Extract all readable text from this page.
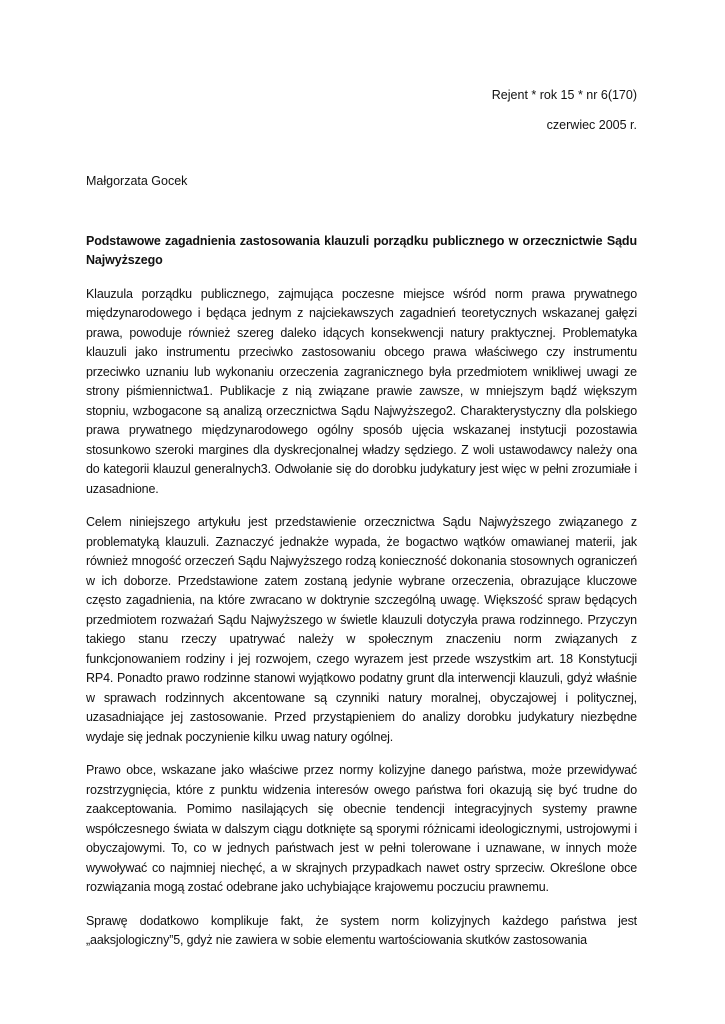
Rejent * rok 15 * nr 6(170)
czerwiec 2005 r.
Małgorzata Gocek
Podstawowe zagadnienia zastosowania klauzuli porządku publicznego w orzecznictwie Sądu Najwyższego

Klauzula porządku publicznego, zajmująca poczesne miejsce wśród norm prawa prywatnego międzynarodowego i będąca jednym z najciekawszych zagadnień teoretycznych wskazanej gałęzi prawa, powoduje również szereg daleko idących konsekwencji natury praktycznej. Problematyka klauzuli jako instrumentu przeciwko zastosowaniu obcego prawa właściwego czy instrumentu przeciwko uznaniu lub wykonaniu orzeczenia zagranicznego była przedmiotem wnikliwej uwagi ze strony piśmiennictwa1. Publikacje z nią związane prawie zawsze, w mniejszym bądź większym stopniu, wzbogacone są analizą orzecznictwa Sądu Najwyższego2. Charakterystyczny dla polskiego prawa prywatnego międzynarodowego ogólny sposób ujęcia wskazanej instytucji pozostawia stosunkowo szeroki margines dla dyskrecjonalnej władzy sędziego. Z woli ustawodawcy należy ona do kategorii klauzul generalnych3. Odwołanie się do dorobku judykatury jest więc w pełni zrozumiałe i uzasadnione.

Celem niniejszego artykułu jest przedstawienie orzecznictwa Sądu Najwyższego związanego z problematyką klauzuli. Zaznaczyć jednakże wypada, że bogactwo wątków omawianej materii, jak również mnogość orzeczeń Sądu Najwyższego rodzą konieczność dokonania stosownych ograniczeń w ich doborze. Przedstawione zatem zostaną jedynie wybrane orzeczenia, obrazujące kluczowe często zagadnienia, na które zwracano w doktrynie szczególną uwagę. Większość spraw będących przedmiotem rozważań Sądu Najwyższego w świetle klauzuli dotyczyła prawa rodzinnego. Przyczyn takiego stanu rzeczy upatrywać należy w społecznym znaczeniu norm związanych z funkcjonowaniem rodziny i jej rozwojem, czego wyrazem jest przede wszystkim art. 18 Konstytucji RP4. Ponadto prawo rodzinne stanowi wyjątkowo podatny grunt dla interwencji klauzuli, gdyż właśnie w sprawach rodzinnych akcentowane są czynniki natury moralnej, obyczajowej i politycznej, uzasadniające jej zastosowanie. Przed przystąpieniem do analizy dorobku judykatury niezbędne wydaje się jednak poczynienie kilku uwag natury ogólnej.

Prawo obce, wskazane jako właściwe przez normy kolizyjne danego państwa, może przewidywać rozstrzygnięcia, które z punktu widzenia interesów owego państwa fori okazują się być trudne do zaakceptowania. Pomimo nasilających się obecnie tendencji integracyjnych systemy prawne współczesnego świata w dalszym ciągu dotknięte są sporymi różnicami ideologicznymi, ustrojowymi i obyczajowymi. To, co w jednych państwach jest w pełni tolerowane i uznawane, w innych może wywoływać co najmniej niechęć, a w skrajnych przypadkach nawet ostry sprzeciw. Określone obce rozwiązania mogą zostać odebrane jako uchybiające krajowemu poczuciu prawnemu.

Sprawę dodatkowo komplikuje fakt, że system norm kolizyjnych każdego państwa jest „aaksjologiczny”5, gdyż nie zawiera w sobie elementu wartościowania skutków zastosowania
